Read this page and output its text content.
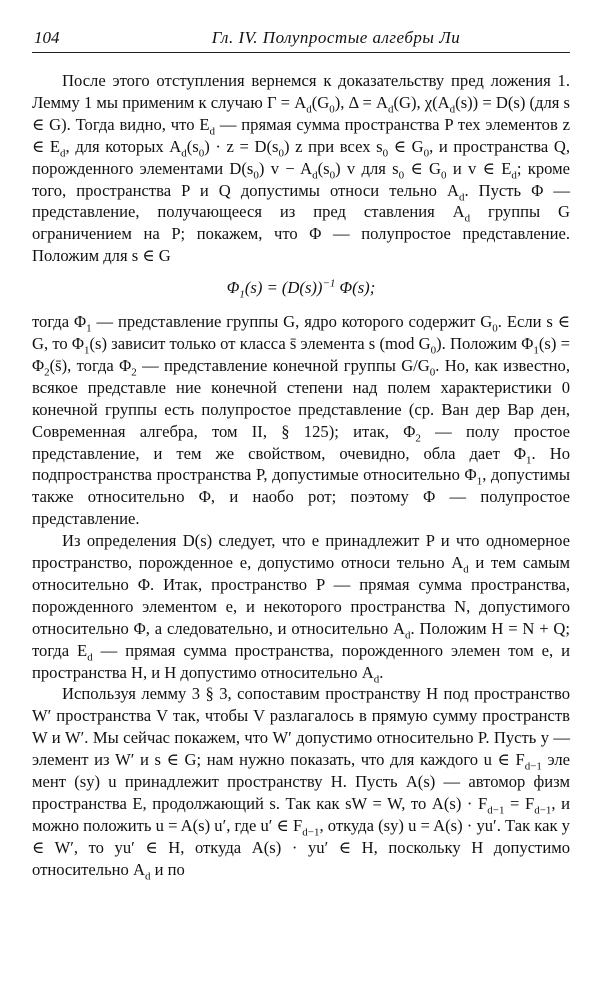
104	Гл. IV. Полупростые алгебры Ли

После этого отступления вернемся к доказательству пред ложения 1. Лемму 1 мы применим к случаю $\Gamma = A_d(G_0)$, $\Delta = A_d(G)$, $\chi(A_d(s)) = D(s)$ (для s ∈ G). Тогда видно, что $E_d$ — прямая сумма пространства P тех элементов z ∈ $E_d$, для которых $A_d(s_0) \cdot z = D(s_0)$ z при всех $s_0$ ∈ $G_0$, и пространства Q, порожденного элементами $D(s_0) v - A_d(s_0)$ v для $s_0$ ∈ $G_0$ и v ∈ $E_d$; кроме того, пространства P и Q допустимы относи тельно $A_d$. Пусть Φ — представление, получающееся из пред ставления $A_d$ группы G ограничением на P; покажем, что Φ — полупростое представление. Положим для s ∈ G

$\Phi_1(s) = (D(s))^{-1}$ Φ(s);

тогда $\Phi_1$ — представление группы G, ядро которого содержит $G_0$. Если s ∈ G, то $\Phi_1(s)$ зависит только от класса s̄ элемента s (mod $G_0$). Положим $\Phi_1(s)$ = $\Phi_2(s̄)$, тогда $\Phi_2$ — представление конечной группы $G/G_0$. Но, как известно, всякое представле ние конечной степени над полем характеристики 0 конечной группы есть полупростое представление (ср. Ван дер Вар ден, Современная алгебра, том II, § 125); итак, $\Phi_2$ — полу простое представление, и тем же свойством, очевидно, обла дает $\Phi_1$. Но подпространства пространства P, допустимые относительно $\Phi_1$, допустимы также относительно Φ, и наобо рот; поэтому Φ — полупростое представление.

Из определения D(s) следует, что e принадлежит P и что одномерное пространство, порожденное e, допустимо относи тельно $A_d$ и тем самым относительно Φ. Итак, пространство P — прямая сумма пространства, порожденного элементом e, и некоторого пространства N, допустимого относительно Φ, а следовательно, и относительно $A_d$. Положим H = N + Q; тогда $E_d$ — прямая сумма пространства, порожденного элемен том e, и пространства H, и H допустимо относительно $A_d$.

Используя лемму 3 § 3, сопоставим пространству H под пространство W′ пространства V так, чтобы V разлагалось в прямую сумму пространств W и W′. Мы сейчас покажем, что W′ допустимо относительно P. Пусть y — элемент из W′ и s ∈ G; нам нужно показать, что для каждого u ∈ $F_{d-1}$ эле мент (sy) u принадлежит пространству H. Пусть A(s) — автомор физм пространства E, продолжающий s. Так как sW = W, то $A(s) \cdot F_{d-1} = F_{d-1}$, и можно положить u = A(s) u′, где u′ ∈ $F_{d-1}$, откуда (sy) u = A(s) · yu′. Так как y ∈ W′, то yu′ ∈ H, откуда A(s) · yu′ ∈ H, поскольку H допустимо относительно $A_d$ и по
